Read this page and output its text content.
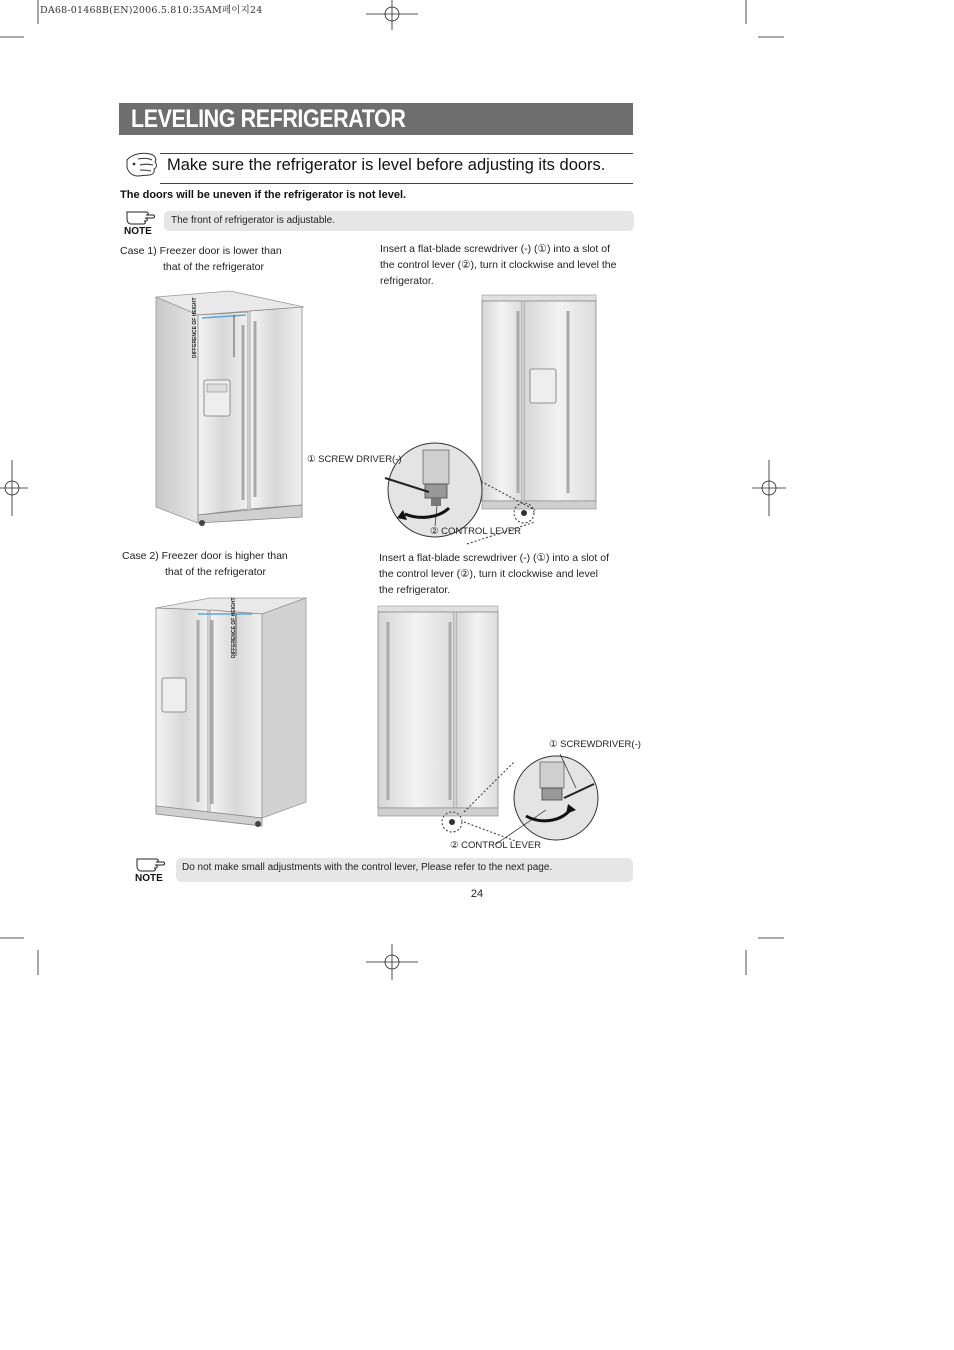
DA68-01468B(EN)2006.5.810:35AM페이지24
LEVELING REFRIGERATOR
Make sure the refrigerator is level before adjusting its doors.
The doors will be uneven if the refrigerator is not level.
NOTE
The front of refrigerator is adjustable.
Case 1) Freezer door is lower than
that of the refrigerator
Insert a flat-blade screwdriver (-) (①) into a slot of
the control lever (②), turn it clockwise and level the
refrigerator.
DIFFERENCE OF HEIGHT
① SCREW DRIVER(-)
② CONTROL LEVER
Case 2) Freezer door is higher than
that of the refrigerator
Insert a flat-blade screwdriver (-) (①) into a slot of
the control lever (②), turn it clockwise and level
the refrigerator.
DIFFERENCE OF HEIGHT
① SCREWDRIVER(-)
② CONTROL LEVER
NOTE
Do not make small adjustments with the control lever, Please refer to the next page.
24
